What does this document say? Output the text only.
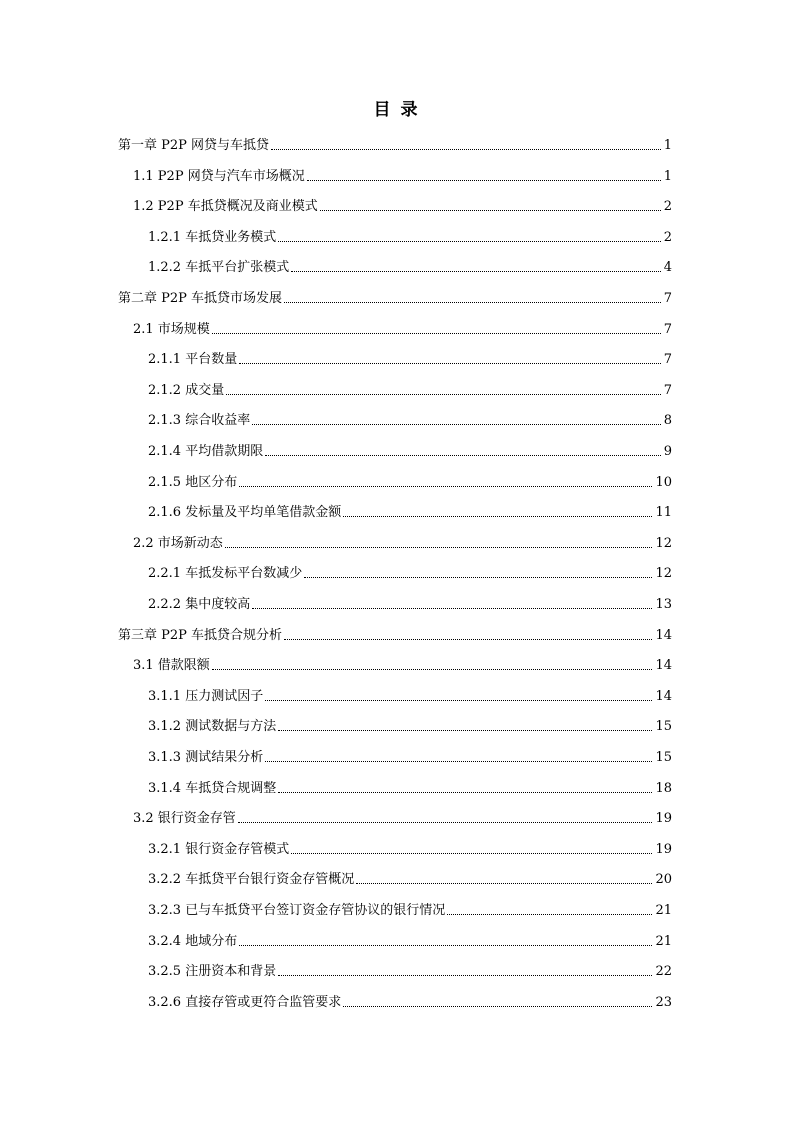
目 录
第一章 P2P 网贷与车抵贷	1
1.1 P2P 网贷与汽车市场概况	1
1.2 P2P 车抵贷概况及商业模式	2
1.2.1 车抵贷业务模式	2
1.2.2 车抵平台扩张模式	4
第二章 P2P 车抵贷市场发展	7
2.1 市场规模	7
2.1.1 平台数量	7
2.1.2 成交量	7
2.1.3 综合收益率	8
2.1.4 平均借款期限	9
2.1.5 地区分布	10
2.1.6 发标量及平均单笔借款金额	11
2.2 市场新动态	12
2.2.1 车抵发标平台数减少	12
2.2.2 集中度较高	13
第三章 P2P 车抵贷合规分析	14
3.1 借款限额	14
3.1.1 压力测试因子	14
3.1.2 测试数据与方法	15
3.1.3 测试结果分析	15
3.1.4 车抵贷合规调整	18
3.2 银行资金存管	19
3.2.1 银行资金存管模式	19
3.2.2 车抵贷平台银行资金存管概况	20
3.2.3 已与车抵贷平台签订资金存管协议的银行情况	21
3.2.4 地域分布	21
3.2.5 注册资本和背景	22
3.2.6 直接存管或更符合监管要求	23
